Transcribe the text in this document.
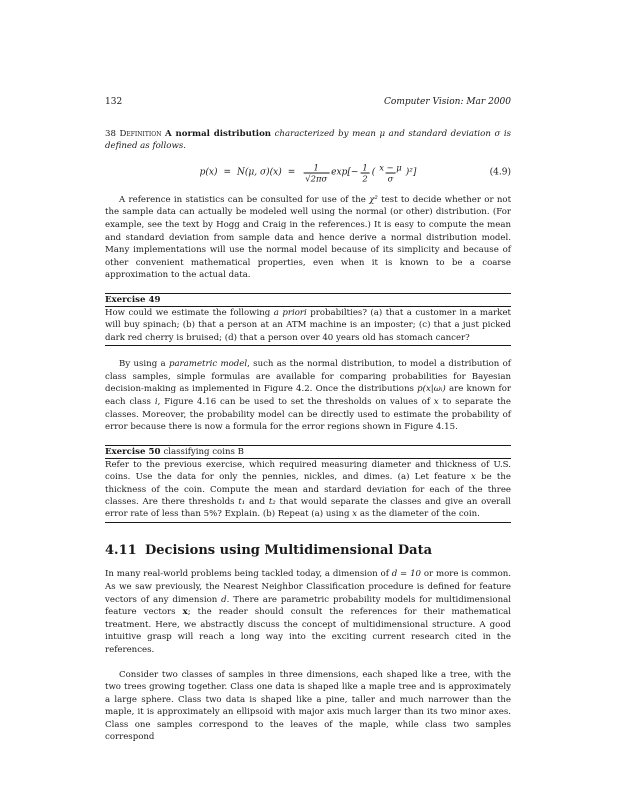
132	Computer Vision: Mar 2000

38 Definition A normal distribution characterized by mean μ and standard deviation σ is defined as follows.

p(x) = N(μ, $\sigma)(x) = \frac{1}{√2\pi\sigma} \exp[- \frac{1}{2}$ ( $\frac{x - \mu}{\sigma} )^2$]	(4.9)

A reference in statistics can be consulted for use of the χ² test to decide whether or not the sample data can actually be modeled well using the normal (or other) distribution. (For example, see the text by Hogg and Craig in the references.) It is easy to compute the mean and standard deviation from sample data and hence derive a normal distribution model. Many implementations will use the normal model because of its simplicity and because of other convenient mathematical properties, even when it is known to be a coarse approximation to the actual data.

Exercise 49

How could we estimate the following a priori probabilties? (a) that a customer in a market will buy spinach; (b) that a person at an ATM machine is an imposter; (c) that a just picked dark red cherry is bruised; (d) that a person over 40 years old has stomach cancer?

By using a parametric model, such as the normal distribution, to model a distribution of class samples, simple formulas are available for comparing probabilities for Bayesian decision-making as implemented in Figure 4.2. Once the distributions p(x|ωᵢ) are known for each class i, Figure 4.16 can be used to set the thresholds on values of x to separate the classes. Moreover, the probability model can be directly used to estimate the probability of error because there is now a formula for the error regions shown in Figure 4.15.

Exercise 50 classifying coins B

Refer to the previous exercise, which required measuring diameter and thickness of U.S. coins. Use the data for only the pennies, nickles, and dimes. (a) Let feature x be the thickness of the coin. Compute the mean and stardard deviation for each of the three classes. Are there thresholds t₁ and t₂ that would separate the classes and give an overall error rate of less than 5%? Explain. (b) Repeat (a) using x as the diameter of the coin.

4.11 Decisions using Multidimensional Data

In many real-world problems being tackled today, a dimension of d = 10 or more is common. As we saw previously, the Nearest Neighbor Classification procedure is defined for feature vectors of any dimension d. There are parametric probability models for multidimensional feature vectors x; the reader should consult the references for their mathematical treatment. Here, we abstractly discuss the concept of multidimensional structure. A good intuitive grasp will reach a long way into the exciting current research cited in the references.

Consider two classes of samples in three dimensions, each shaped like a tree, with the two trees growing together. Class one data is shaped like a maple tree and is approximately a large sphere. Class two data is shaped like a pine, taller and much narrower than the maple, it is approximately an ellipsoid with major axis much larger than its two minor axes. Class one samples correspond to the leaves of the maple, while class two samples correspond
